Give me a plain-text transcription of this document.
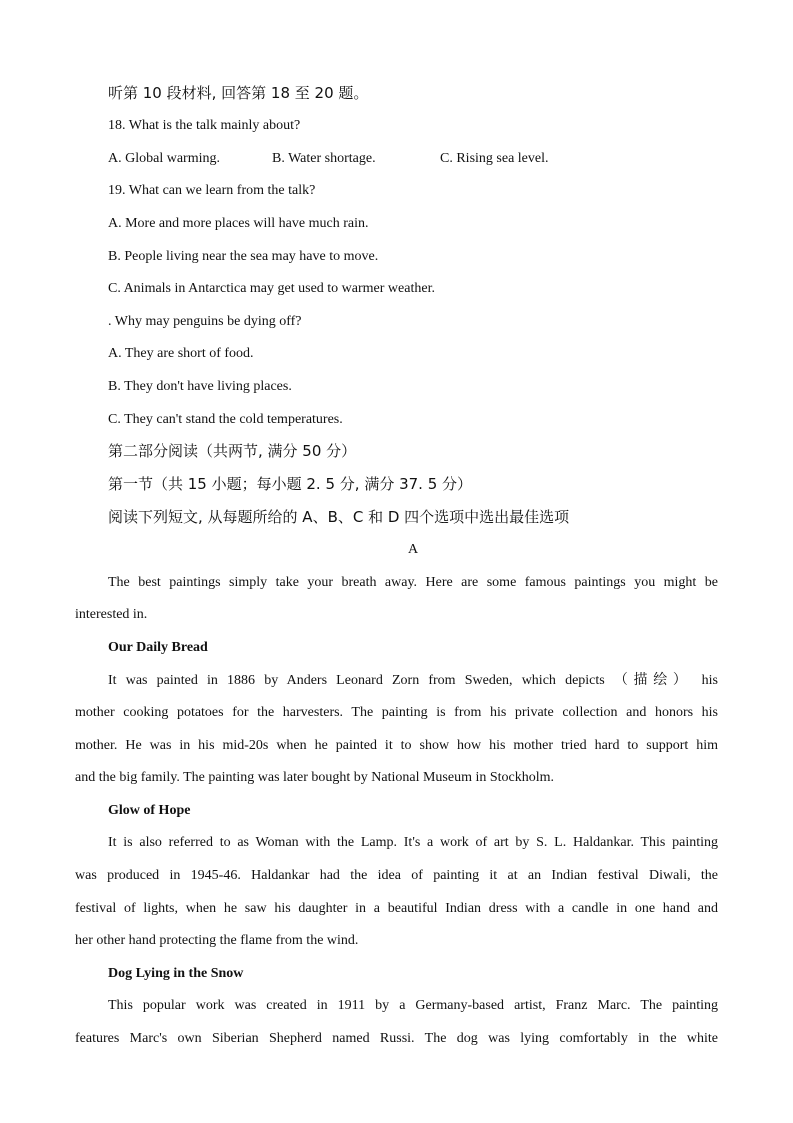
听第 10 段材料, 回答第 18 至 20 题。
18. What is the talk mainly about?
A. Global warming.	B. Water shortage.	C. Rising sea level.
19. What can we learn from the talk?
A. More and more places will have much rain.
B. People living near the sea may have to move.
C. Animals in Antarctica may get used to warmer weather.
. Why may penguins be dying off?
A. They are short of food.
B. They don't have living places.
C. They can't stand the cold temperatures.
第二部分阅读（共两节, 满分 50 分）
第一节（共 15 小题；每小题 2. 5 分, 满分 37. 5 分）
阅读下列短文, 从每题所给的 A、B、C 和 D 四个选项中选出最佳选项
A
The best paintings simply take your breath away. Here are some famous paintings you might be
interested in.
Our Daily Bread
It was painted in 1886 by Anders Leonard Zorn from Sweden, which depicts （描绘） his
mother cooking potatoes for the harvesters. The painting is from his private collection and honors his
mother. He was in his mid-20s when he painted it to show how his mother tried hard to support him
and the big family. The painting was later bought by National Museum in Stockholm.
Glow of Hope
It is also referred to as Woman with the Lamp. It's a work of art by S. L. Haldankar. This painting
was produced in 1945-46. Haldankar had the idea of painting it at an Indian festival Diwali, the
festival of lights, when he saw his daughter in a beautiful Indian dress with a candle in one hand and
her other hand protecting the flame from the wind.
Dog Lying in the Snow
This popular work was created in 1911 by a Germany-based artist, Franz Marc. The painting
features Marc's own Siberian Shepherd named Russi. The dog was lying comfortably in the white
